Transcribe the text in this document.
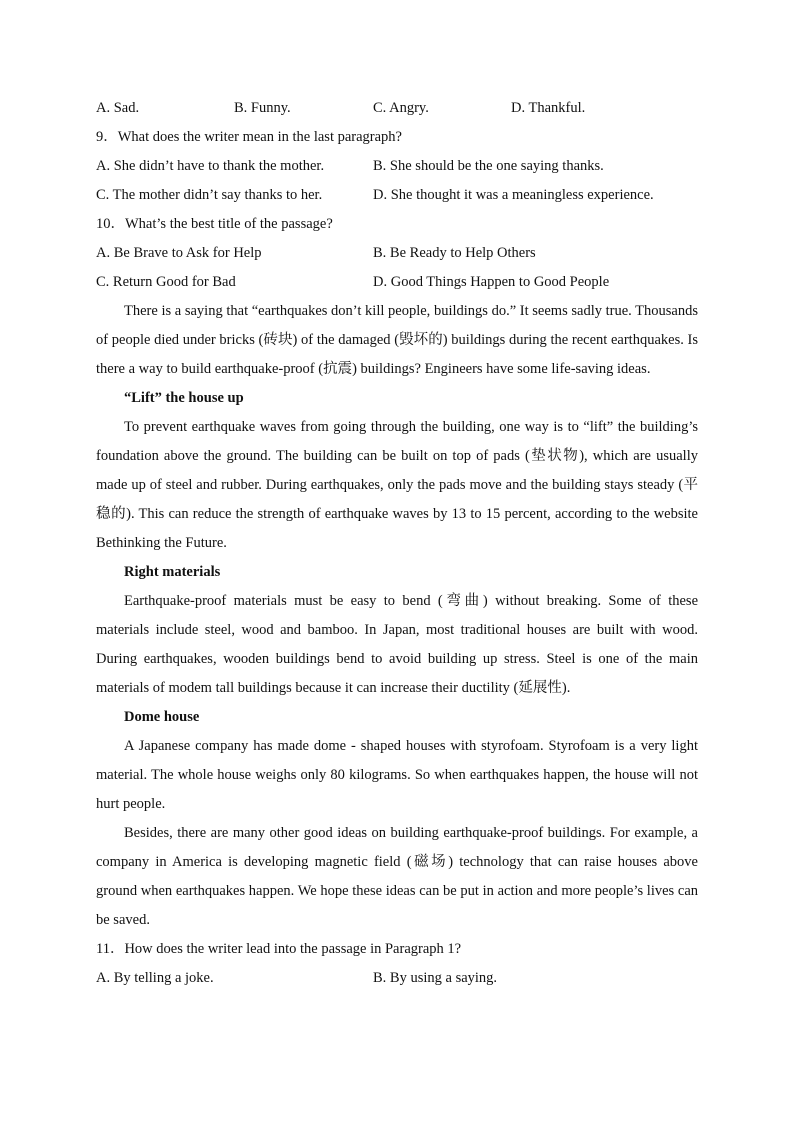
A. Sad.	B. Funny.	C. Angry.	D. Thankful.
9．What does the writer mean in the last paragraph?
A. She didn’t have to thank the mother.	B. She should be the one saying thanks.
C. The mother didn’t say thanks to her.	D. She thought it was a meaningless experience.
10．What’s the best title of the passage?
A. Be Brave to Ask for Help	B. Be Ready to Help Others
C. Return Good for Bad	D. Good Things Happen to Good People

There is a saying that “earthquakes don’t kill people, buildings do.” It seems sadly true. Thousands of people died under bricks (砖块) of the damaged (毁坏的) buildings during the recent earthquakes. Is there a way to build earthquake-proof (抗震) buildings? Engineers have some life-saving ideas.

“Lift” the house up

To prevent earthquake waves from going through the building, one way is to “lift” the building’s foundation above the ground. The building can be built on top of pads (垫状物), which are usually made up of steel and rubber. During earthquakes, only the pads move and the building stays steady (平稳的). This can reduce the strength of earthquake waves by 13 to 15 percent, according to the website Bethinking the Future.

Right materials

Earthquake-proof materials must be easy to bend (弯曲) without breaking. Some of these materials include steel, wood and bamboo. In Japan, most traditional houses are built with wood. During earthquakes, wooden buildings bend to avoid building up stress. Steel is one of the main materials of modem tall buildings because it can increase their ductility (延展性).

Dome house

A Japanese company has made dome - shaped houses with styrofoam. Styrofoam is a very light material. The whole house weighs only 80 kilograms. So when earthquakes happen, the house will not hurt people.

Besides, there are many other good ideas on building earthquake-proof buildings. For example, a company in America is developing magnetic field (磁场) technology that can raise houses above ground when earthquakes happen. We hope these ideas can be put in action and more people’s lives can be saved.

11．How does the writer lead into the passage in Paragraph 1?
A. By telling a joke.	B. By using a saying.
